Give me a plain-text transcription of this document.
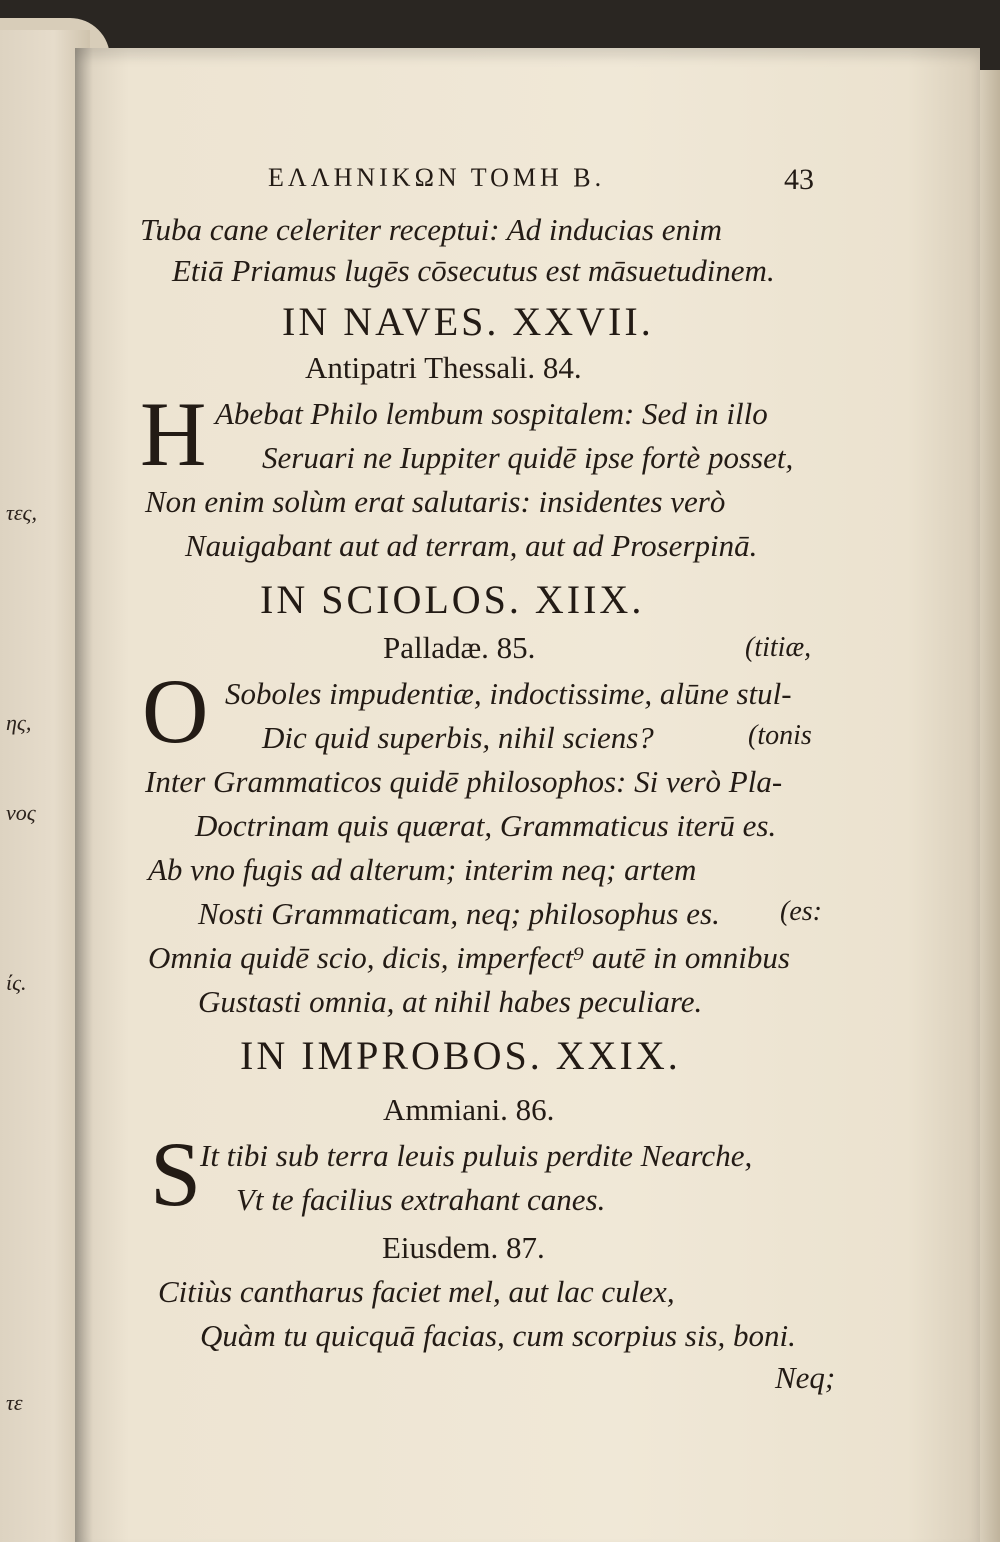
τες,
ης,
νος
ίς.
τε
ΕΛΛΗΝΙΚΩΝ ΤΟΜΗ Β.	43
Tuba cane celeriter receptui: Ad inducias enim
Etiā Priamus lugēs cōsecutus est māsuetudinem.
IN NAVES. XXVII.
Antipatri Thessali. 84.
H Abebat Philo lembum sospitalem: Sed in illo
Seruari ne Iuppiter quidē ipse fortè posset,
Non enim solùm erat salutaris: insidentes verò
Nauigabant aut ad terram, aut ad Proserpinā.
IN SCIOLOS. XIIX.
Palladæ. 85.	(titiæ,
O Soboles impudentiæ, indoctissime, alūne stul-
Dic quid superbis, nihil sciens?	(tonis
Inter Grammaticos quidē philosophos: Si verò Pla-
Doctrinam quis quærat, Grammaticus iterū es.
Ab vno fugis ad alterum; interim neq; artem
Nosti Grammaticam, neq; philosophus es. (es:
Omnia quidē scio, dicis, imperfect⁹ autē in omnibus
Gustasti omnia, at nihil habes peculiare.
IN IMPROBOS. XXIX.
Ammiani. 86.
S
It tibi sub terra leuis puluis perdite Nearche,
Vt te facilius extrahant canes.
Eiusdem. 87.
Citiùs cantharus faciet mel, aut lac culex,
Quàm tu quicquā facias, cum scorpius sis, boni.
Neq;
